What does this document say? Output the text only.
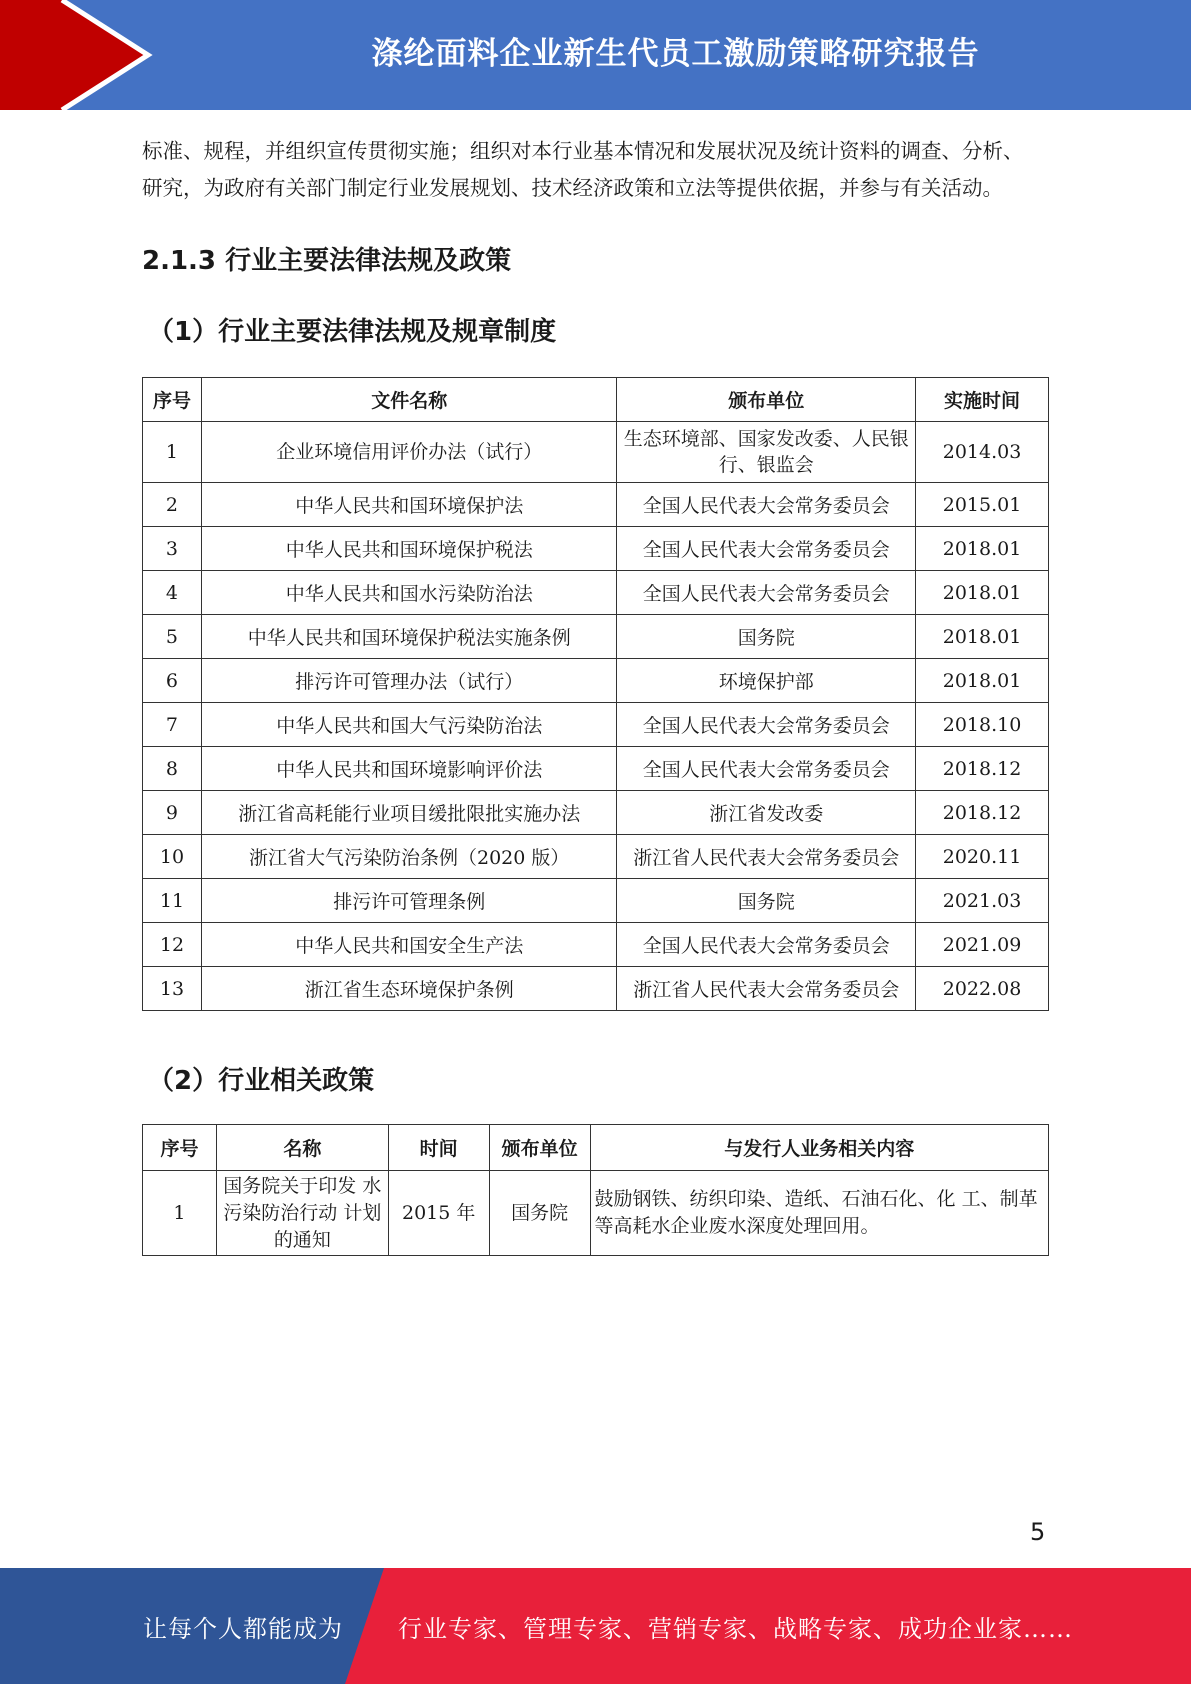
涤纶面料企业新生代员工激励策略研究报告
标准、规程，并组织宣传贯彻实施；组织对本行业基本情况和发展状况及统计资料的调查、分析、
研究，为政府有关部门制定行业发展规划、技术经济政策和立法等提供依据，并参与有关活动。
2.1.3 行业主要法律法规及政策
（1）行业主要法律法规及规章制度
序号	文件名称	颁布单位	实施时间
1	企业环境信用评价办法（试行）	生态环境部、国家发改委、人民银行、银监会	2014.03
2	中华人民共和国环境保护法	全国人民代表大会常务委员会	2015.01
3	中华人民共和国环境保护税法	全国人民代表大会常务委员会	2018.01
4	中华人民共和国水污染防治法	全国人民代表大会常务委员会	2018.01
5	中华人民共和国环境保护税法实施条例	国务院	2018.01
6	排污许可管理办法（试行）	环境保护部	2018.01
7	中华人民共和国大气污染防治法	全国人民代表大会常务委员会	2018.10
8	中华人民共和国环境影响评价法	全国人民代表大会常务委员会	2018.12
9	浙江省高耗能行业项目缓批限批实施办法	浙江省发改委	2018.12
10	浙江省大气污染防治条例（2020 版）	浙江省人民代表大会常务委员会	2020.11
11	排污许可管理条例	国务院	2021.03
12	中华人民共和国安全生产法	全国人民代表大会常务委员会	2021.09
13	浙江省生态环境保护条例	浙江省人民代表大会常务委员会	2022.08
（2）行业相关政策
序号	名称	时间	颁布单位	与发行人业务相关内容
1	国务院关于印发 水污染防治行动 计划的通知	2015 年	国务院	鼓励钢铁、纺织印染、造纸、石油石化、化 工、制革等高耗水企业废水深度处理回用。
5
让每个人都能成为 行业专家、管理专家、营销专家、战略专家、成功企业家……
